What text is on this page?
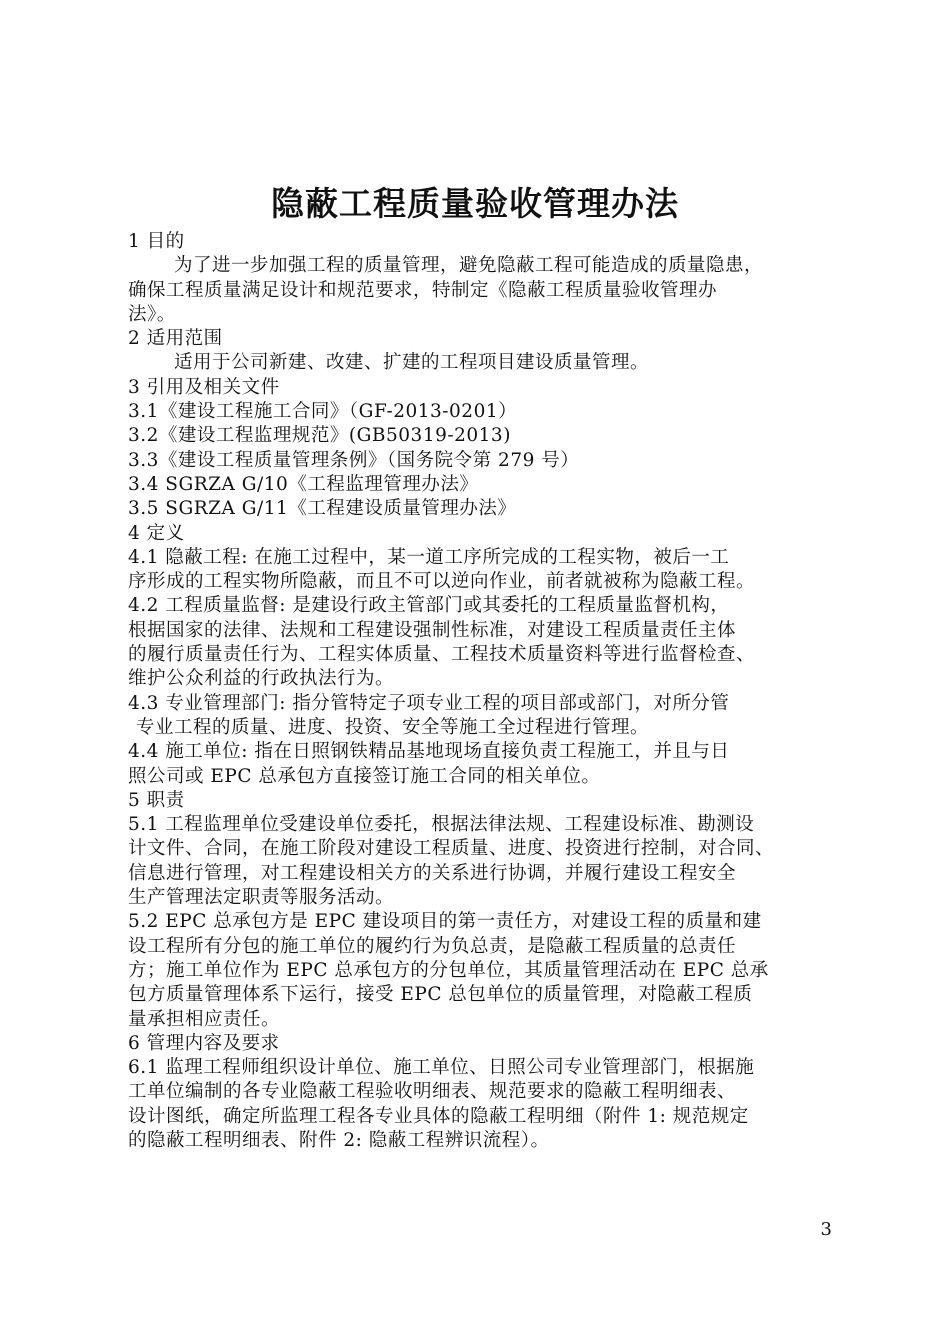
隐蔽工程质量验收管理办法
1 目的
为了进一步加强工程的质量管理，避免隐蔽工程可能造成的质量隐患，
确保工程质量满足设计和规范要求，特制定《隐蔽工程质量验收管理办
法》。
2 适用范围
适用于公司新建、改建、扩建的工程项目建设质量管理。
3 引用及相关文件
3.1《建设工程施工合同》（GF-2013-0201）
3.2《建设工程监理规范》(GB50319-2013)
3.3《建设工程质量管理条例》（国务院令第 279 号）
3.4 SGRZA G/10《工程监理管理办法》
3.5 SGRZA G/11《工程建设质量管理办法》
4 定义
4.1 隐蔽工程: 在施工过程中，某一道工序所完成的工程实物，被后一工
序形成的工程实物所隐蔽，而且不可以逆向作业，前者就被称为隐蔽工程。
4.2 工程质量监督: 是建设行政主管部门或其委托的工程质量监督机构，
根据国家的法律、法规和工程建设强制性标准，对建设工程质量责任主体
的履行质量责任行为、工程实体质量、工程技术质量资料等进行监督检查、
维护公众利益的行政执法行为。
4.3 专业管理部门: 指分管特定子项专业工程的项目部或部门，对所分管
专业工程的质量、进度、投资、安全等施工全过程进行管理。
4.4 施工单位: 指在日照钢铁精品基地现场直接负责工程施工，并且与日
照公司或 EPC 总承包方直接签订施工合同的相关单位。
5 职责
5.1 工程监理单位受建设单位委托，根据法律法规、工程建设标准、勘测设
计文件、合同，在施工阶段对建设工程质量、进度、投资进行控制，对合同、
信息进行管理，对工程建设相关方的关系进行协调，并履行建设工程安全
生产管理法定职责等服务活动。
5.2 EPC 总承包方是 EPC 建设项目的第一责任方，对建设工程的质量和建
设工程所有分包的施工单位的履约行为负总责，是隐蔽工程质量的总责任
方；施工单位作为 EPC 总承包方的分包单位，其质量管理活动在 EPC 总承
包方质量管理体系下运行，接受 EPC 总包单位的质量管理，对隐蔽工程质
量承担相应责任。
6 管理内容及要求
6.1 监理工程师组织设计单位、施工单位、日照公司专业管理部门，根据施
工单位编制的各专业隐蔽工程验收明细表、规范要求的隐蔽工程明细表、
设计图纸，确定所监理工程各专业具体的隐蔽工程明细（附件 1: 规范规定
的隐蔽工程明细表、附件 2: 隐蔽工程辨识流程）。
3
